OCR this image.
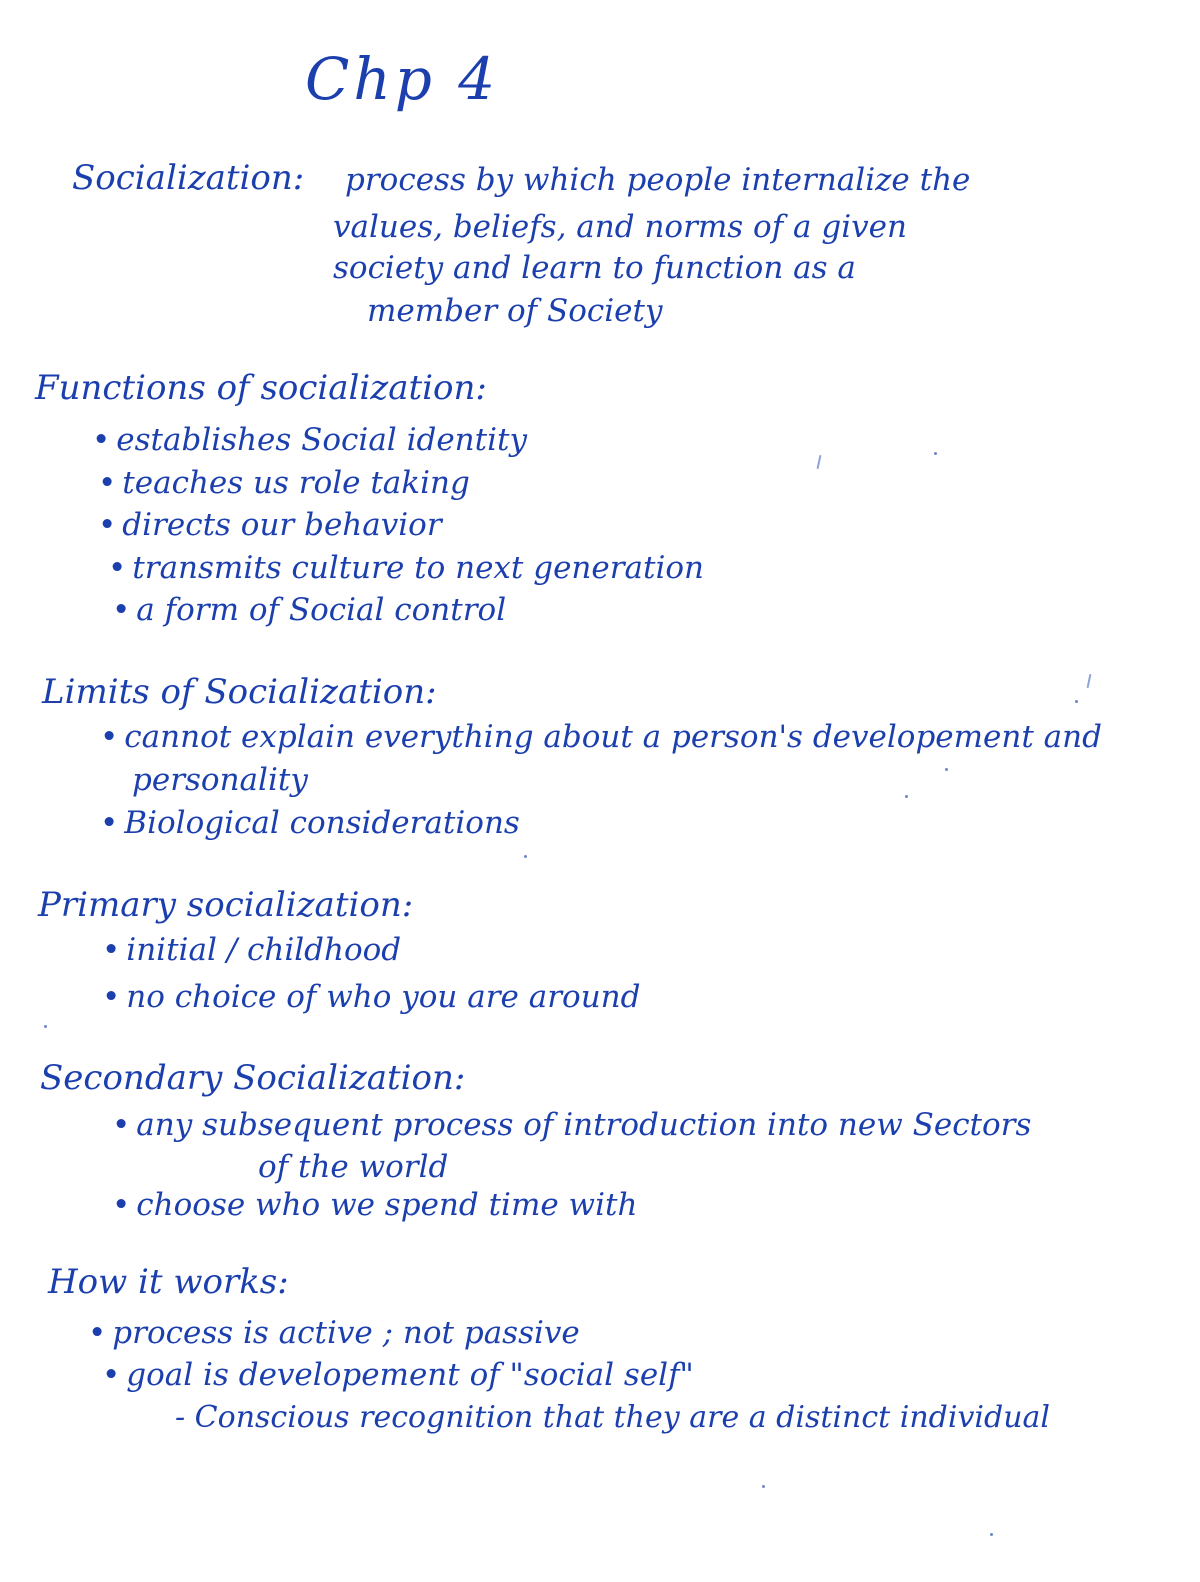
Chp 4
Socialization: process by which people internalize the
values, beliefs, and norms of a given
society and learn to function as a
member of Society
Functions of socialization:
• establishes Social identity
• teaches us role taking
• directs our behavior
• transmits culture to next generation
• a form of Social control
Limits of Socialization:
• cannot explain everything about a person's developement and
personality
• Biological considerations
Primary socialization:
• initial / childhood
• no choice of who you are around
Secondary Socialization:
• any subsequent process of introduction into new Sectors
of the world
• choose who we spend time with
How it works:
• process is active ; not passive
• goal is developement of "social self"
- Conscious recognition that they are a distinct individual
